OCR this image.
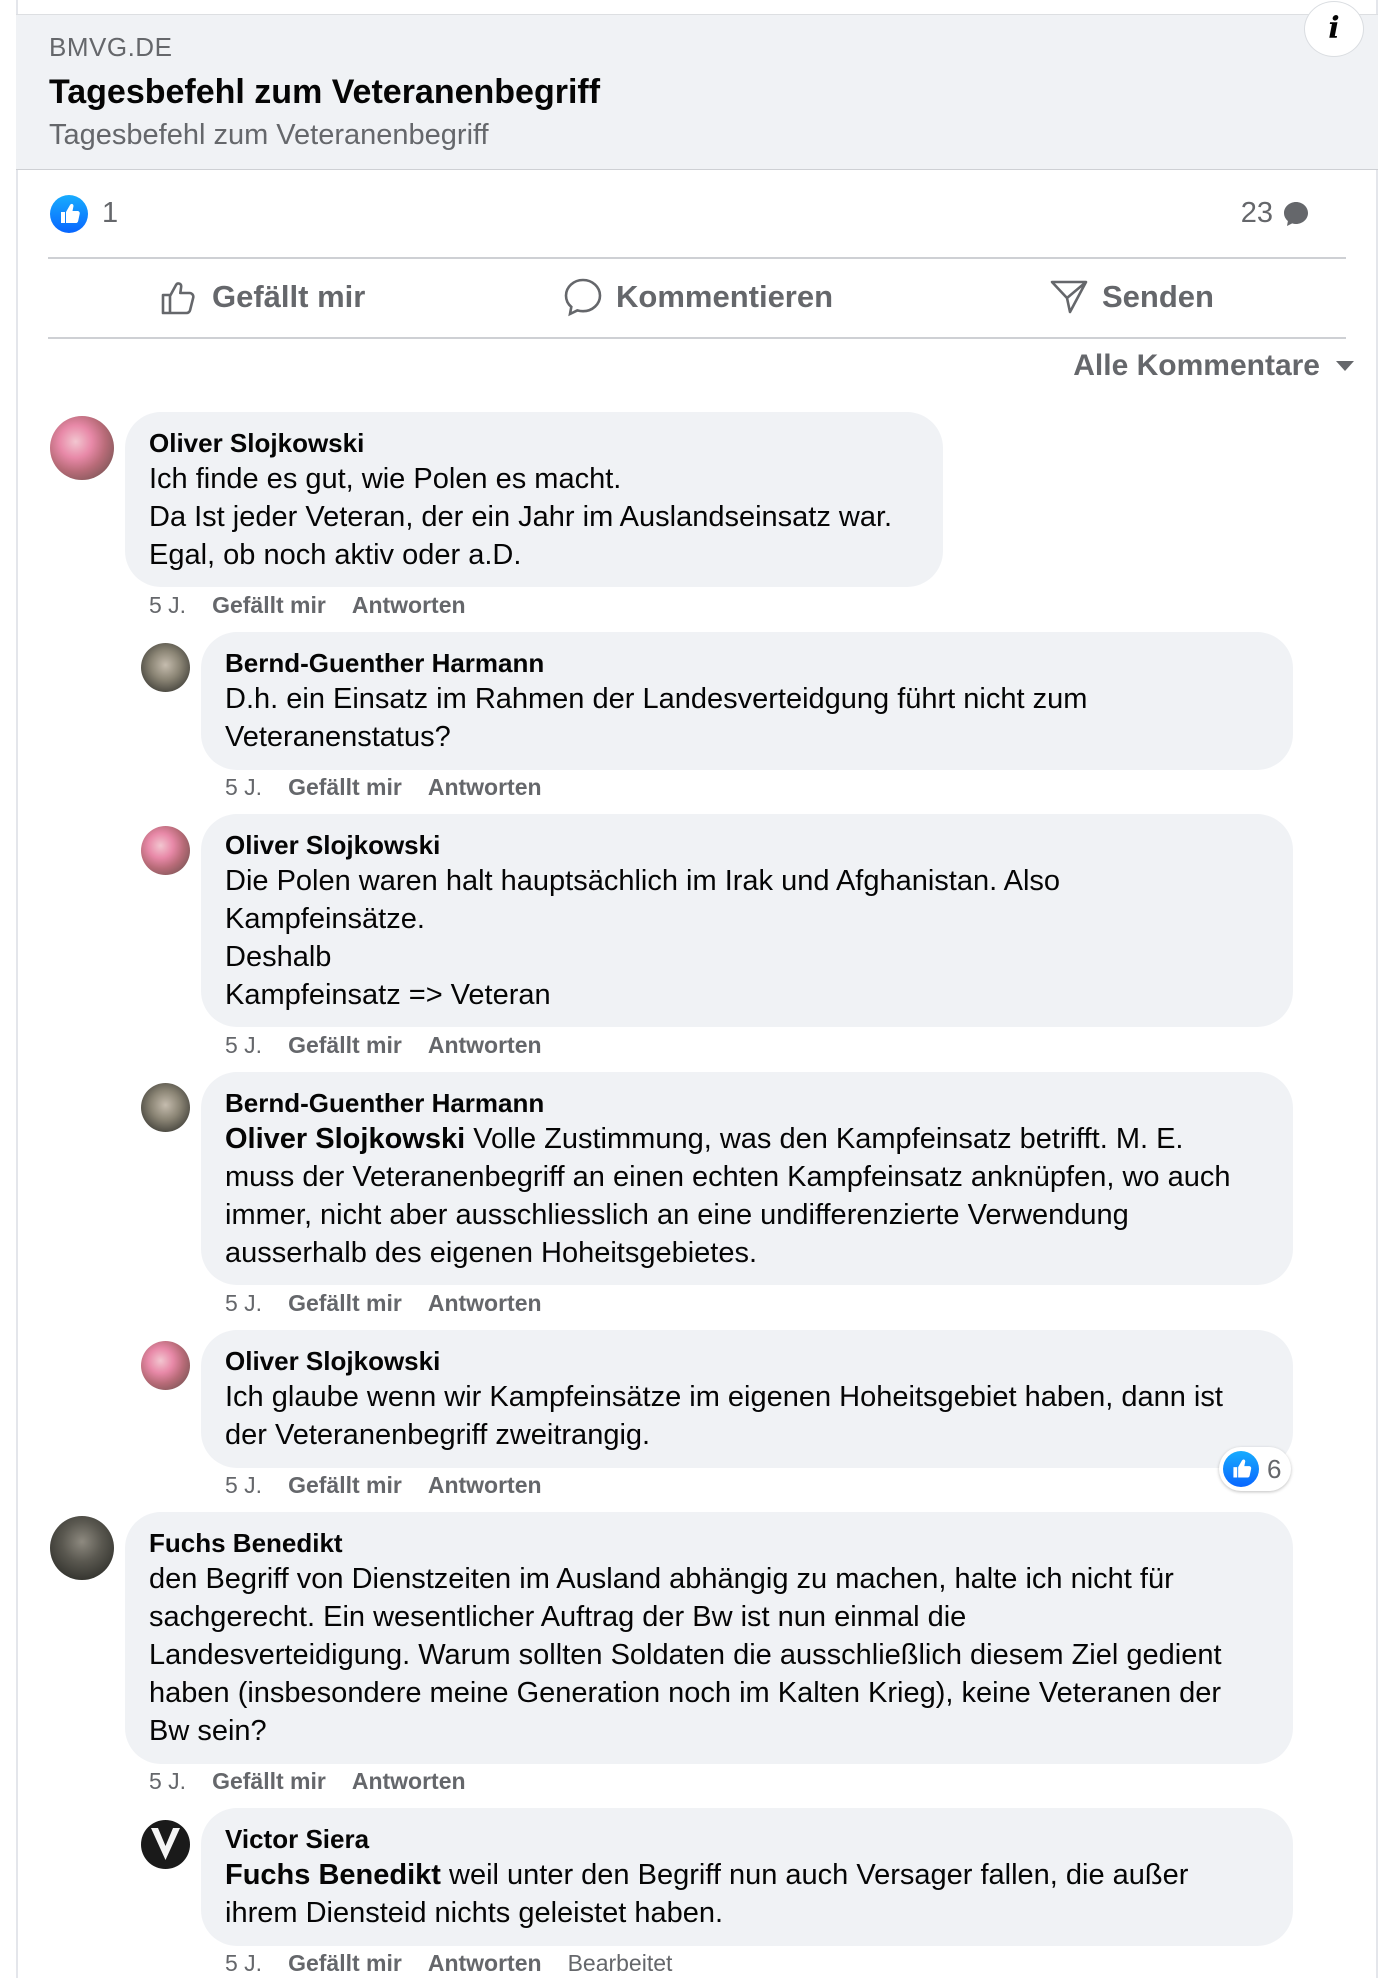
BMVG.DE
Tagesbefehl zum Veteranenbegriff
Tagesbefehl zum Veteranenbegriff
i
1	23
Gefällt mir	Kommentieren	Senden
Alle Kommentare
Oliver Slojkowski
Ich finde es gut, wie Polen es macht.
Da Ist jeder Veteran, der ein Jahr im Auslandseinsatz war.
Egal, ob noch aktiv oder a.D.
5 J. Gefällt mir Antworten
Bernd-Guenther Harmann
D.h. ein Einsatz im Rahmen der Landesverteidgung führt nicht zum
Veteranenstatus?
5 J. Gefällt mir Antworten
Oliver Slojkowski
Die Polen waren halt hauptsächlich im Irak und Afghanistan. Also
Kampfeinsätze.
Deshalb
Kampfeinsatz => Veteran
5 J. Gefällt mir Antworten
Bernd-Guenther Harmann
Oliver Slojkowski Volle Zustimmung, was den Kampfeinsatz betrifft. M. E.
muss der Veteranenbegriff an einen echten Kampfeinsatz anknüpfen, wo auch
immer, nicht aber ausschliesslich an eine undifferenzierte Verwendung
ausserhalb des eigenen Hoheitsgebietes.
5 J. Gefällt mir Antworten
Oliver Slojkowski
Ich glaube wenn wir Kampfeinsätze im eigenen Hoheitsgebiet haben, dann ist
der Veteranenbegriff zweitrangig.
6
5 J. Gefällt mir Antworten
Fuchs Benedikt
den Begriff von Dienstzeiten im Ausland abhängig zu machen, halte ich nicht für
sachgerecht. Ein wesentlicher Auftrag der Bw ist nun einmal die
Landesverteidigung. Warum sollten Soldaten die ausschließlich diesem Ziel gedient
haben (insbesondere meine Generation noch im Kalten Krieg), keine Veteranen der
Bw sein?
5 J. Gefällt mir Antworten
Victor Siera
Fuchs Benedikt weil unter den Begriff nun auch Versager fallen, die außer
ihrem Diensteid nichts geleistet haben.
5 J. Gefällt mir Antworten Bearbeitet
